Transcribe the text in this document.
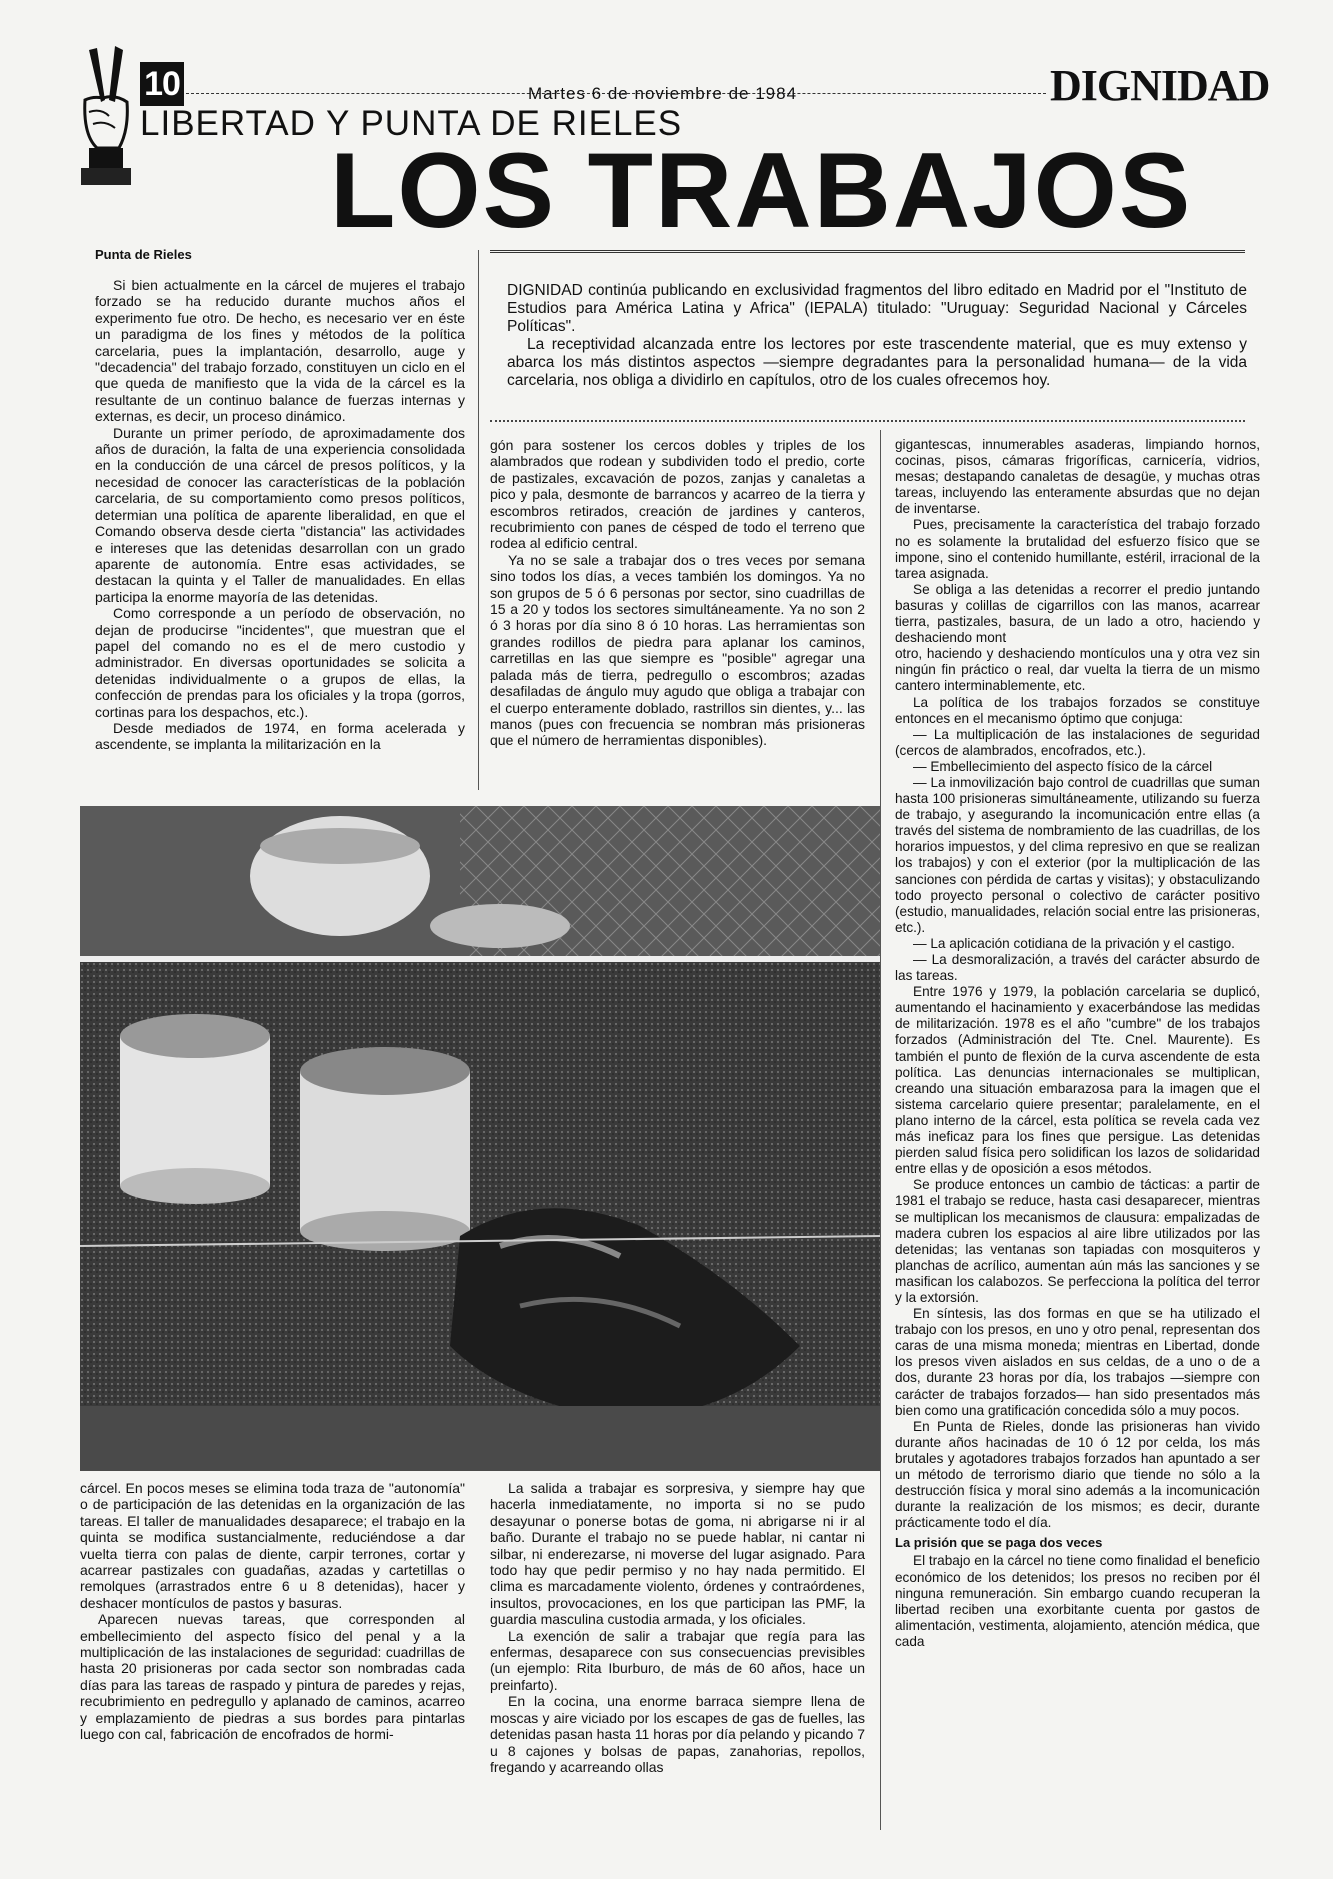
10	Martes 6 de noviembre de 1984	DIGNIDAD
LIBERTAD Y PUNTA DE RIELES
LOS TRABAJOS

DIGNIDAD continúa publicando en exclusividad fragmentos del libro editado en Madrid por el "Instituto de Estudios para América Latina y Africa" (IEPALA) titulado: "Uruguay: Seguridad Nacional y Cárceles Políticas".

La receptividad alcanzada entre los lectores por este trascendente material, que es muy extenso y abarca los más distintos aspectos —siempre degradantes para la personalidad humana— de la vida carcelaria, nos obliga a dividirlo en capítulos, otro de los cuales ofrecemos hoy.

Punta de Rieles

Si bien actualmente en la cárcel de mujeres el trabajo forzado se ha reducido durante muchos años el experimento fue otro. De hecho, es necesario ver en éste un paradigma de los fines y métodos de la política carcelaria, pues la implantación, desarrollo, auge y "decadencia" del trabajo forzado, constituyen un ciclo en el que queda de manifiesto que la vida de la cárcel es la resultante de un continuo balance de fuerzas internas y externas, es decir, un proceso dinámico.

Durante un primer período, de aproximadamente dos años de duración, la falta de una experiencia consolidada en la conducción de una cárcel de presos políticos, y la necesidad de conocer las características de la población carcelaria, de su comportamiento como presos políticos, determian una política de aparente liberalidad, en que el Comando observa desde cierta "distancia" las actividades e intereses que las detenidas desarrollan con un grado aparente de autonomía. Entre esas actividades, se destacan la quinta y el Taller de manualidades. En ellas participa la enorme mayoría de las detenidas.

Como corresponde a un período de observación, no dejan de producirse "incidentes", que muestran que el papel del comando no es el de mero custodio y administrador. En diversas oportunidades se solicita a detenidas individualmente o a grupos de ellas, la confección de prendas para los oficiales y la tropa (gorros, cortinas para los despachos, etc.).

Desde mediados de 1974, en forma acelerada y ascendente, se implanta la militarización en la

gón para sostener los cercos dobles y triples de los alambrados que rodean y subdividen todo el predio, corte de pastizales, excavación de pozos, zanjas y canaletas a pico y pala, desmonte de barrancos y acarreo de la tierra y escombros retirados, creación de jardines y canteros, recubrimiento con panes de césped de todo el terreno que rodea al edificio central.

Ya no se sale a trabajar dos o tres veces por semana sino todos los días, a veces también los domingos. Ya no son grupos de 5 ó 6 personas por sector, sino cuadrillas de 15 a 20 y todos los sectores simultáneamente. Ya no son 2 ó 3 horas por día sino 8 ó 10 horas. Las herramientas son grandes rodillos de piedra para aplanar los caminos, carretillas en las que siempre es "posible" agregar una palada más de tierra, pedregullo o escombros; azadas desafiladas de ángulo muy agudo que obliga a trabajar con el cuerpo enteramente doblado, rastrillos sin dientes, y... las manos (pues con frecuencia se nombran más prisioneras que el número de herramientas disponibles).

cárcel. En pocos meses se elimina toda traza de "autonomía" o de participación de las detenidas en la organización de las tareas. El taller de manualidades desaparece; el trabajo en la quinta se modifica sustancialmente, reduciéndose a dar vuelta tierra con palas de diente, carpir terrones, cortar y acarrear pastizales con guadañas, azadas y cartetillas o remolques (arrastrados entre 6 u 8 detenidas), hacer y deshacer montículos de pastos y basuras.

Aparecen nuevas tareas, que corresponden al embellecimiento del aspecto físico del penal y a la multiplicación de las instalaciones de seguridad: cuadrillas de hasta 20 prisioneras por cada sector son nombradas cada días para las tareas de raspado y pintura de paredes y rejas, recubrimiento en pedregullo y aplanado de caminos, acarreo y emplazamiento de piedras a sus bordes para pintarlas luego con cal, fabricación de encofrados de hormi-

La salida a trabajar es sorpresiva, y siempre hay que hacerla inmediatamente, no importa si no se pudo desayunar o ponerse botas de goma, ni abrigarse ni ir al baño. Durante el trabajo no se puede hablar, ni cantar ni silbar, ni enderezarse, ni moverse del lugar asignado. Para todo hay que pedir permiso y no hay nada permitido. El clima es marcadamente violento, órdenes y contraórdenes, insultos, provocaciones, en los que participan las PMF, la guardia masculina custodia armada, y los oficiales.

La exención de salir a trabajar que regía para las enfermas, desaparece con sus consecuencias previsibles (un ejemplo: Rita Iburburo, de más de 60 años, hace un preinfarto).

En la cocina, una enorme barraca siempre llena de moscas y aire viciado por los escapes de gas de fuelles, las detenidas pasan hasta 11 horas por día pelando y picando 7 u 8 cajones y bolsas de papas, zanahorias, repollos, fregando y acarreando ollas

gigantescas, innumerables asaderas, limpiando hornos, cocinas, pisos, cámaras frigoríficas, carnicería, vidrios, mesas; destapando canaletas de desagüe, y muchas otras tareas, incluyendo las enteramente absurdas que no dejan de inventarse.

Pues, precisamente la característica del trabajo forzado no es solamente la brutalidad del esfuerzo físico que se impone, sino el contenido humillante, estéril, irracional de la tarea asignada.

Se obliga a las detenidas a recorrer el predio juntando basuras y colillas de cigarrillos con las manos, acarrear tierra, pastizales, basura, de un lado a otro, haciendo y deshaciendo mont

otro, haciendo y deshaciendo montículos una y otra vez sin ningún fin práctico o real, dar vuelta la tierra de un mismo cantero interminablemente, etc.

La política de los trabajos forzados se constituye entonces en el mecanismo óptimo que conjuga:

— La multiplicación de las instalaciones de seguridad (cercos de alambrados, encofrados, etc.).

— Embellecimiento del aspecto físico de la cárcel

— La inmovilización bajo control de cuadrillas que suman hasta 100 prisioneras simultáneamente, utilizando su fuerza de trabajo, y asegurando la incomunicación entre ellas (a través del sistema de nombramiento de las cuadrillas, de los horarios impuestos, y del clima represivo en que se realizan los trabajos) y con el exterior (por la multiplicación de las sanciones con pérdida de cartas y visitas); y obstaculizando todo proyecto personal o colectivo de carácter positivo (estudio, manualidades, relación social entre las prisioneras, etc.).

— La aplicación cotidiana de la privación y el castigo.

— La desmoralización, a través del carácter absurdo de las tareas.

Entre 1976 y 1979, la población carcelaria se duplicó, aumentando el hacinamiento y exacerbándose las medidas de militarización. 1978 es el año "cumbre" de los trabajos forzados (Administración del Tte. Cnel. Maurente). Es también el punto de flexión de la curva ascendente de esta política. Las denuncias internacionales se multiplican, creando una situación embarazosa para la imagen que el sistema carcelario quiere presentar; paralelamente, en el plano interno de la cárcel, esta política se revela cada vez más ineficaz para los fines que persigue. Las detenidas pierden salud física pero solidifican los lazos de solidaridad entre ellas y de oposición a esos métodos.

Se produce entonces un cambio de tácticas: a partir de 1981 el trabajo se reduce, hasta casi desaparecer, mientras se multiplican los mecanismos de clausura: empalizadas de madera cubren los espacios al aire libre utilizados por las detenidas; las ventanas son tapiadas con mosquiteros y planchas de acrílico, aumentan aún más las sanciones y se masifican los calabozos. Se perfecciona la política del terror y la extorsión.

En síntesis, las dos formas en que se ha utilizado el trabajo con los presos, en uno y otro penal, representan dos caras de una misma moneda; mientras en Libertad, donde los presos viven aislados en sus celdas, de a uno o de a dos, durante 23 horas por día, los trabajos —siempre con carácter de trabajos forzados— han sido presentados más bien como una gratificación concedida sólo a muy pocos.

En Punta de Rieles, donde las prisioneras han vivido durante años hacinadas de 10 ó 12 por celda, los más brutales y agotadores trabajos forzados han apuntado a ser un método de terrorismo diario que tiende no sólo a la destrucción física y moral sino además a la incomunicación durante la realización de los mismos; es decir, durante prácticamente todo el día.

La prisión que se paga dos veces

El trabajo en la cárcel no tiene como finalidad el beneficio económico de los detenidos; los presos no reciben por él ninguna remuneración. Sin embargo cuando recuperan la libertad reciben una exorbitante cuenta por gastos de alimentación, vestimenta, alojamiento, atención médica, que cada
